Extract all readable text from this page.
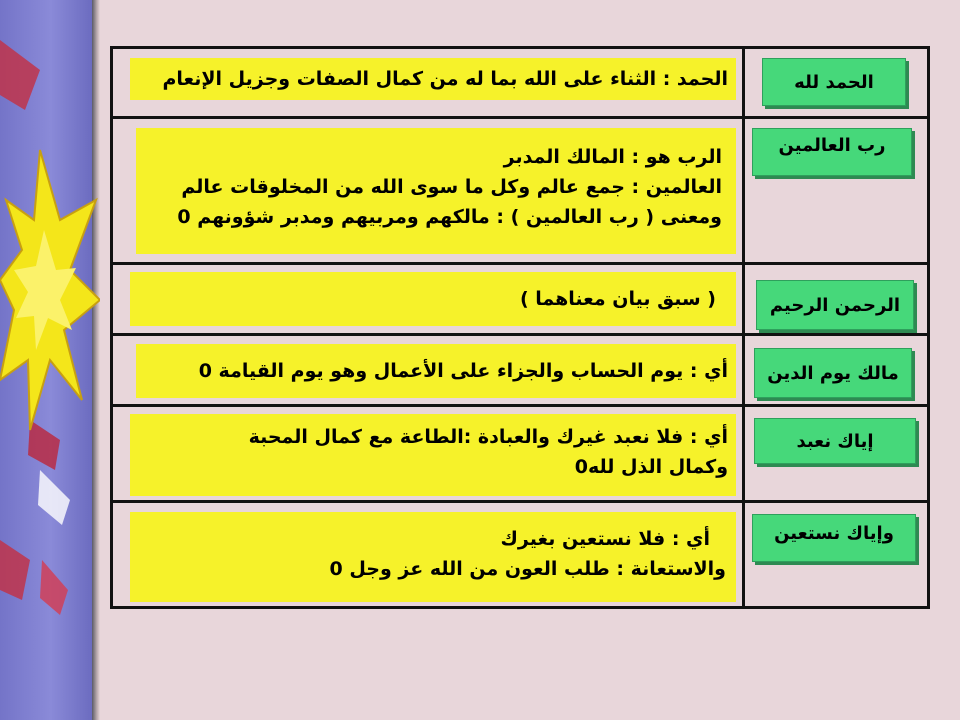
الحمد لله
الحمد : الثناء على الله بما له من كمال الصفات وجزيل الإنعام
رب العالمين
الرب هو : المالك المدبر
العالمين : جمع عالم وكل ما سوى الله من المخلوقات عالم
ومعنى ( رب العالمين ) : مالكهم ومربيهم ومدبر شؤونهم 0
الرحمن الرحيم
( سبق بيان معناهما )
مالك يوم الدين
أي : يوم الحساب والجزاء على الأعمال وهو يوم القيامة 0
إياك نعبد
أي : فلا نعبد غيرك والعبادة :الطاعة مع كمال المحبة
وكمال الذل لله0
وإياك نستعين
أي : فلا نستعين بغيرك
والاستعانة : طلب العون من الله عز وجل 0
